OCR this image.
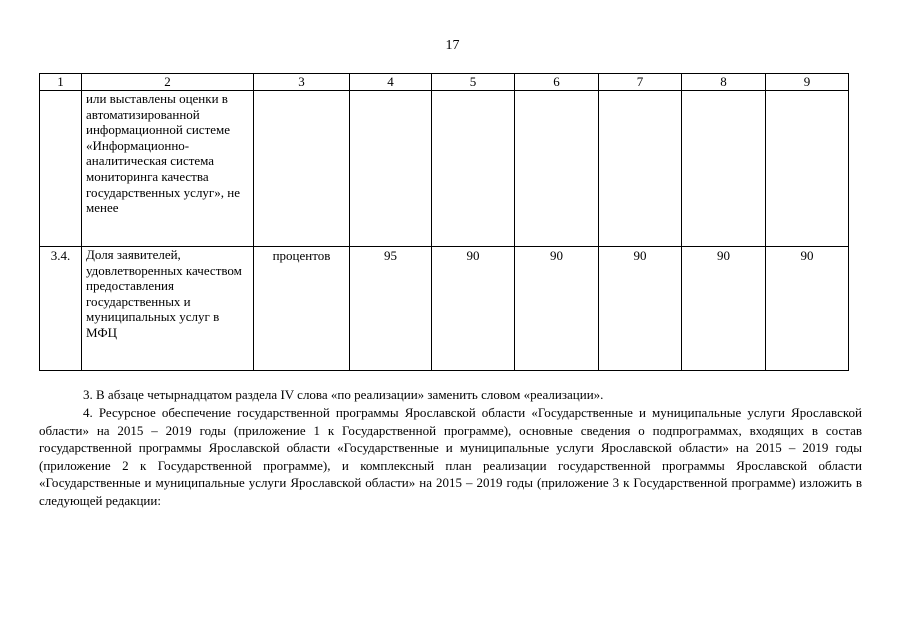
17
1	2	3	4	5	6	7	8	9
	или выставлены оценки в автоматизированной информационной системе «Информационно-аналитическая система мониторинга качества государственных услуг», не менее							
3.4.	Доля заявителей, удовлетворенных качеством предоставления государственных и муниципальных услуг в МФЦ	процентов	95	90	90	90	90	90
3. В абзаце четырнадцатом раздела IV слова «по реализации» заменить словом «реализации».
4. Ресурсное обеспечение государственной программы Ярославской области «Государственные и муниципальные услуги Ярославской области» на 2015 – 2019 годы (приложение 1 к Государственной программе), основные сведения о подпрограммах, входящих в состав государственной программы Ярославской области «Государственные и муниципальные услуги Ярославской области» на 2015 – 2019 годы (приложение 2 к Государственной программе), и комплексный план реализации государственной программы Ярославской области «Государственные и муниципальные услуги Ярославской области» на 2015 – 2019 годы (приложение 3 к Государственной программе) изложить в следующей редакции:
